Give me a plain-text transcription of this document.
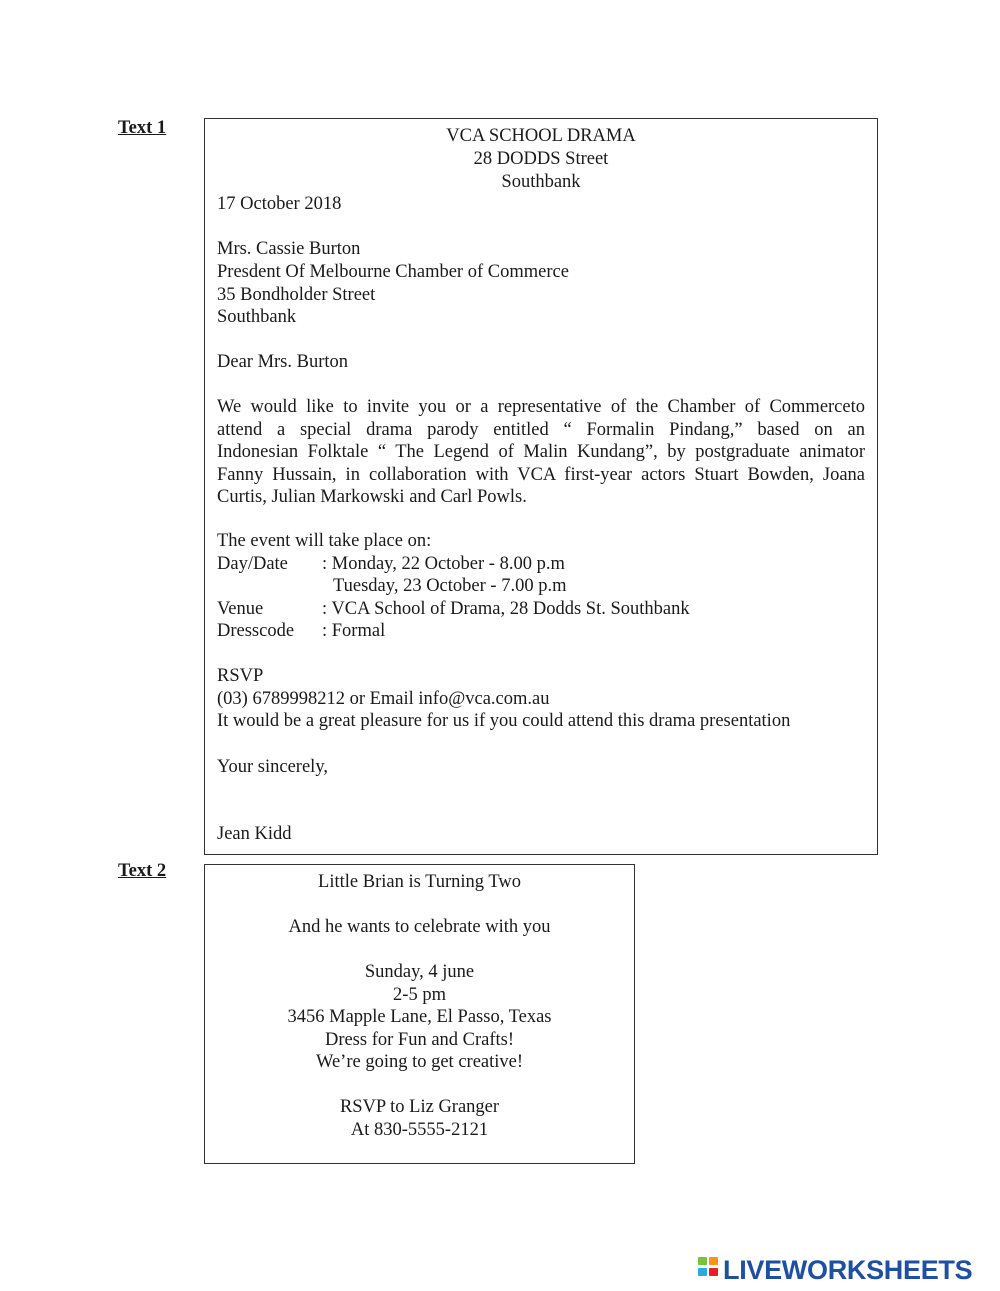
Text 1	VCA SCHOOL DRAMA
28 DODDS Street
Southbank
17 October 2018
Mrs. Cassie Burton
Presdent Of Melbourne Chamber of Commerce
35 Bondholder Street
Southbank
Dear Mrs. Burton
We would like to invite you or a representative of the Chamber of Commerceto
attend a special drama parody entitled “ Formalin Pindang,” based on an
Indonesian Folktale “ The Legend of Malin Kundang”, by postgraduate animator
Fanny Hussain, in collaboration with VCA first-year actors Stuart Bowden, Joana
Curtis, Julian Markowski and Carl Powls.
The event will take place on:
Day/Date : Monday, 22 October - 8.00 p.m
Tuesday, 23 October - 7.00 p.m
Venue	: VCA School of Drama, 28 Dodds St. Southbank
Dresscode : Formal
RSVP
(03) 6789998212 or Email info@vca.com.au
It would be a great pleasure for us if you could attend this drama presentation
Your sincerely,
Jean Kidd
Text 2
Little Brian is Turning Two
And he wants to celebrate with you
Sunday, 4 june
2-5 pm
3456 Mapple Lane, El Passo, Texas
Dress for Fun and Crafts!
We’re going to get creative!
RSVP to Liz Granger
At 830-5555-2121
LIVEWORKSHEETS
